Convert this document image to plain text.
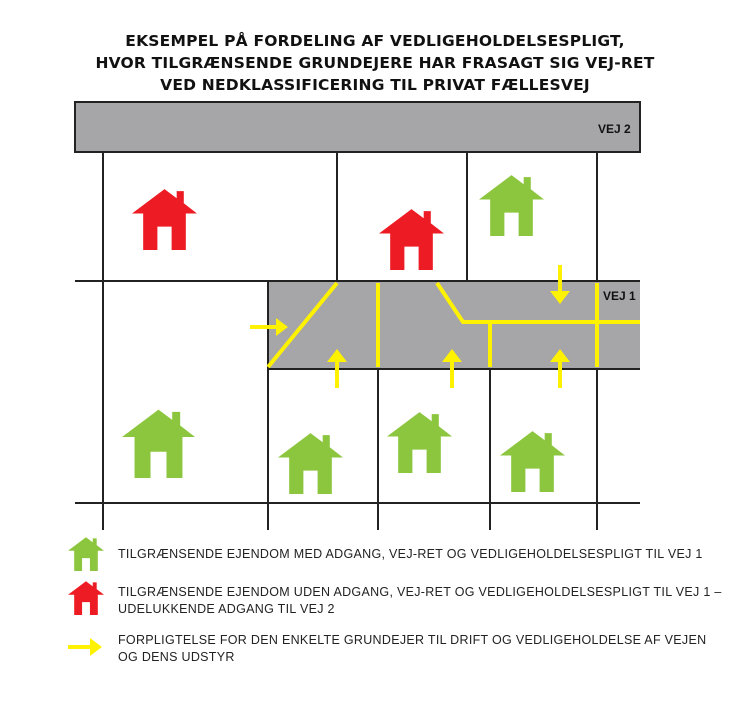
EKSEMPEL PÅ FORDELING AF VEDLIGEHOLDELSESPLIGT,
HVOR TILGRÆNSENDE GRUNDEJERE HAR FRASAGT SIG VEJ-RET
VED NEDKLASSIFICERING TIL PRIVAT FÆLLESVEJ
VEJ 2
VEJ 1
TILGRÆNSENDE EJENDOM MED ADGANG, VEJ-RET OG VEDLIGEHOLDELSESPLIGT TIL VEJ 1
TILGRÆNSENDE EJENDOM UDEN ADGANG, VEJ-RET OG VEDLIGEHOLDELSESPLIGT TIL VEJ 1 –
UDELUKKENDE ADGANG TIL VEJ 2
FORPLIGTELSE FOR DEN ENKELTE GRUNDEJER TIL DRIFT OG VEDLIGEHOLDELSE AF VEJEN
OG DENS UDSTYR
